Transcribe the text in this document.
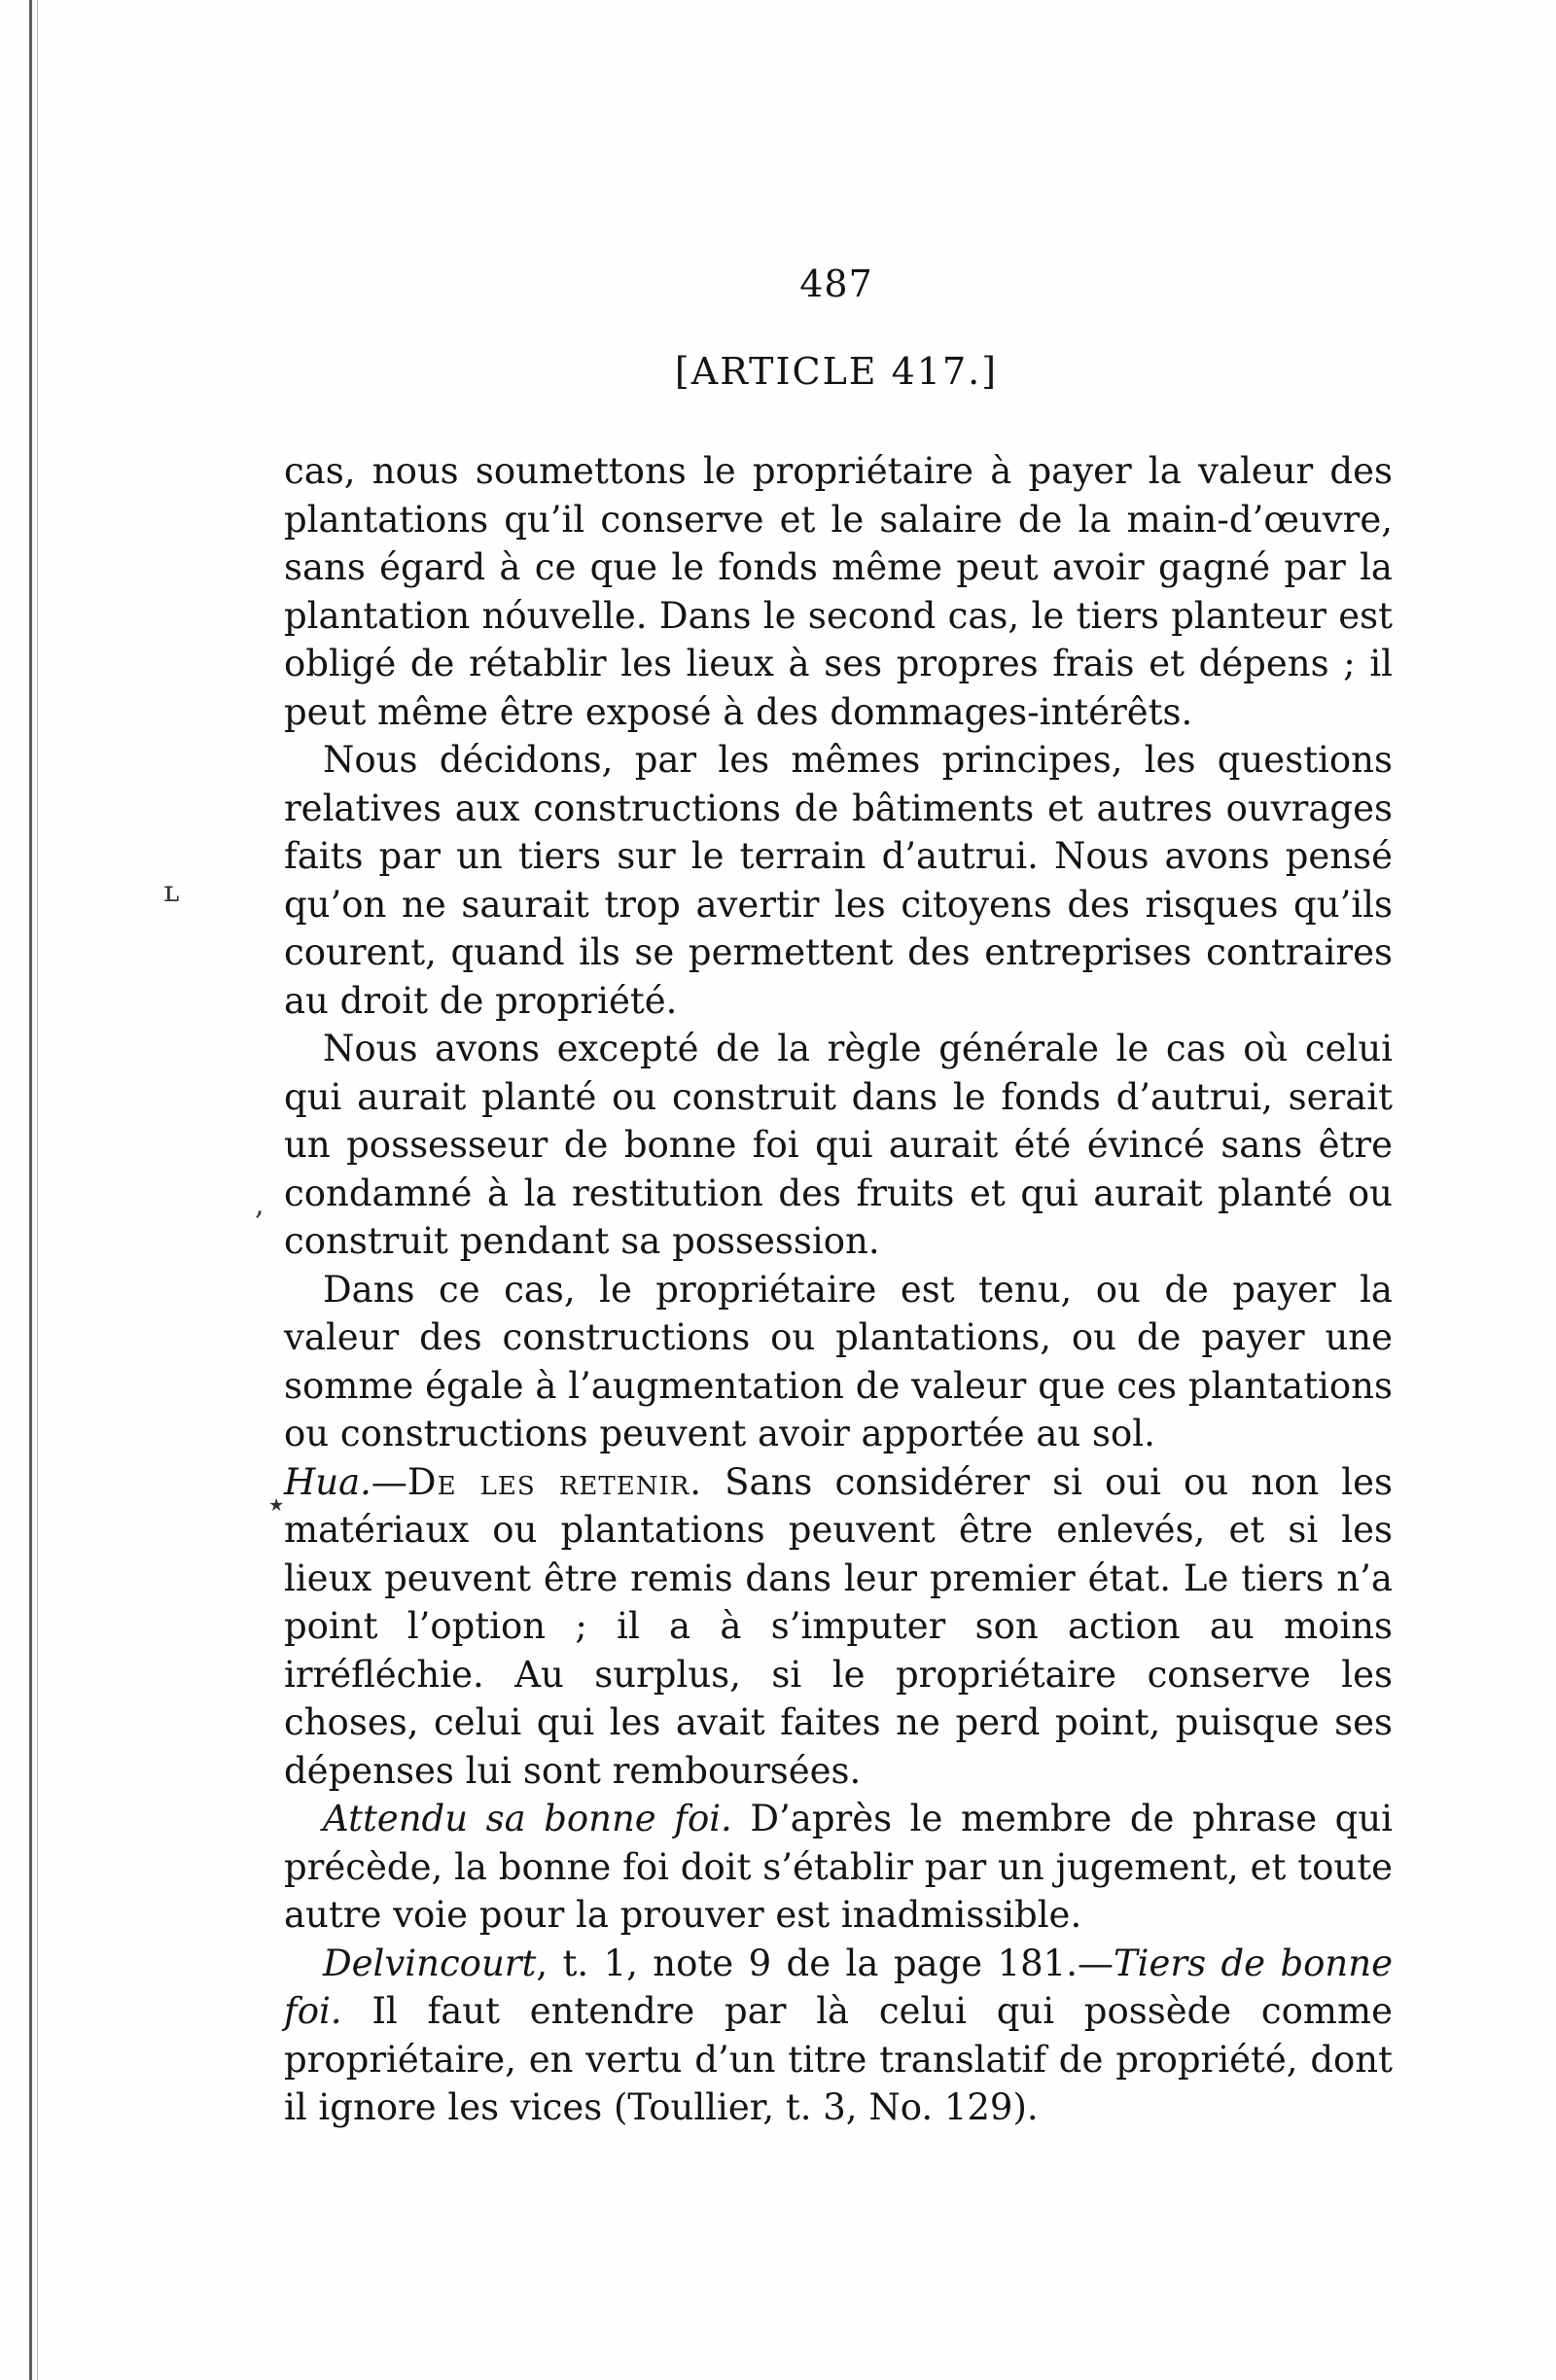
487
[ARTICLE 417.]

cas, nous soumettons le propriétaire à payer la valeur des plantations qu’il conserve et le salaire de la main-d’œuvre, sans égard à ce que le fonds même peut avoir gagné par la plantation nóuvelle. Dans le second cas, le tiers planteur est obligé de rétablir les lieux à ses propres frais et dépens ; il peut même être exposé à des dommages-intérêts.

Nous décidons, par les mêmes principes, les questions relatives aux constructions de bâtiments et autres ouvrages faits par un tiers sur le terrain d’autrui. Nous avons pensé qu’on ne saurait trop avertir les citoyens des risques qu’ils courent, quand ils se permettent des entreprises contraires au droit de propriété.

Nous avons excepté de la règle générale le cas où celui qui aurait planté ou construit dans le fonds d’autrui, serait un possesseur de bonne foi qui aurait été évincé sans être condamné à la restitution des fruits et qui aurait planté ou construit pendant sa possession.

Dans ce cas, le propriétaire est tenu, ou de payer la valeur des constructions ou plantations, ou de payer une somme égale à l’augmentation de valeur que ces plantations ou constructions peuvent avoir apportée au sol.

Hua.—De les retenir. Sans considérer si oui ou non les matériaux ou plantations peuvent être enlevés, et si les lieux peuvent être remis dans leur premier état. Le tiers n’a point l’option ; il a à s’imputer son action au moins irréfléchie. Au surplus, si le propriétaire conserve les choses, celui qui les avait faites ne perd point, puisque ses dépenses lui sont remboursées.

Attendu sa bonne foi. D’après le membre de phrase qui précède, la bonne foi doit s’établir par un jugement, et toute autre voie pour la prouver est inadmissible.

Delvincourt, t. 1, note 9 de la page 181.—Tiers de bonne foi. Il faut entendre par là celui qui possède comme propriétaire, en vertu d’un titre translatif de propriété, dont il ignore les vices (Toullier, t. 3, No. 129).

ʟ
,
٭
